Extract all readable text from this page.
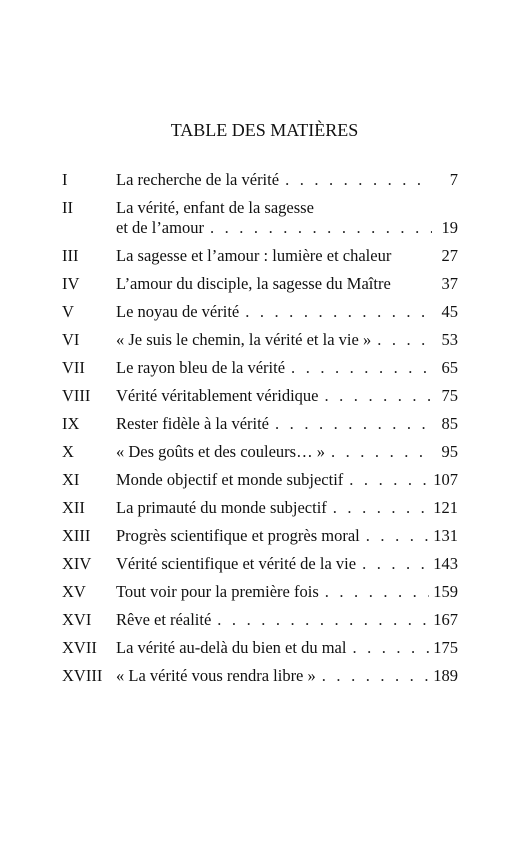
TABLE DES MATIÈRES
I	La recherche de la vérité . . .	7
II	La vérité, enfant de la sagesse
et de l’amour . . .	19
III	La sagesse et l’amour : lumière et chaleur	27
IV	L’amour du disciple, la sagesse du Maître	37
V	Le noyau de vérité . . .	45
VI	« Je suis le chemin, la vérité et la vie » . . .	53
VII	Le rayon bleu de la vérité . . .	65
VIII	Vérité véritablement véridique . . .	75
IX	Rester fidèle à la vérité . . .	85
X	« Des goûts et des couleurs… » . . .	95
XI	Monde objectif et monde subjectif . . .	107
XII	La primauté du monde subjectif . . .	121
XIII	Progrès scientifique et progrès moral . . .	131
XIV	Vérité scientifique et vérité de la vie . . .	143
XV	Tout voir pour la première fois . . .	159
XVI	Rêve et réalité . . .	167
XVII	La vérité au-delà du bien et du mal . . .	175
XVIII « La vérité vous rendra libre » . . .	189
